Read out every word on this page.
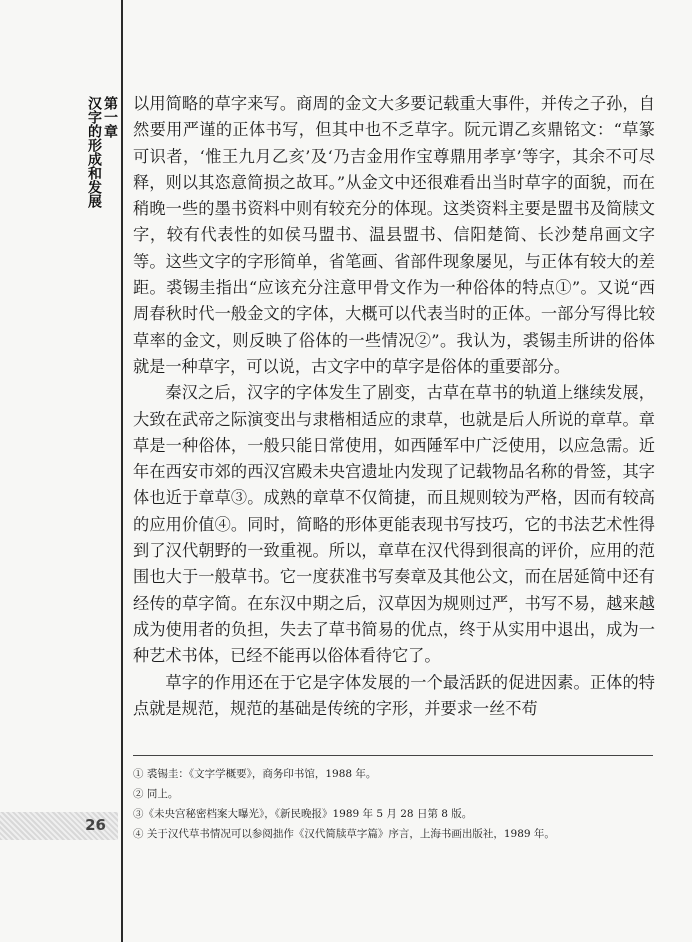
第一章
汉字的形成和发展 以用简略的草字来写。商周的金文大多要记载重大事件，并传之子孙，自然要用严谨的正体书写，但其中也不乏草字。阮元谓乙亥鼎铭文：“草篆可识者，‘惟王九月乙亥’及‘乃吉金用作宝尊鼎用孝享’等字，其余不可尽释，则以其恣意简损之故耳。”从金文中还很难看出当时草字的面貌，而在稍晚一些的墨书资料中则有较充分的体现。这类资料主要是盟书及简牍文字，较有代表性的如侯马盟书、温县盟书、信阳楚简、长沙楚帛画文字等。这些文字的字形简单，省笔画、省部件现象屡见，与正体有较大的差距。裘锡圭指出“应该充分注意甲骨文作为一种俗体的特点①”。又说“西周春秋时代一般金文的字体，大概可以代表当时的正体。一部分写得比较草率的金文，则反映了俗体的一些情况②”。我认为，裘锡圭所讲的俗体就是一种草字，可以说，古文字中的草字是俗体的重要部分。

秦汉之后，汉字的字体发生了剧变，古草在草书的轨道上继续发展，大致在武帝之际演变出与隶楷相适应的隶草，也就是后人所说的章草。章草是一种俗体，一般只能日常使用，如西陲军中广泛使用，以应急需。近年在西安市郊的西汉宫殿未央宫遗址内发现了记载物品名称的骨签，其字体也近于章草③。成熟的章草不仅简捷，而且规则较为严格，因而有较高的应用价值④。同时，简略的形体更能表现书写技巧，它的书法艺术性得到了汉代朝野的一致重视。所以，章草在汉代得到很高的评价，应用的范围也大于一般草书。它一度获准书写奏章及其他公文，而在居延简中还有经传的草字简。在东汉中期之后，汉草因为规则过严，书写不易，越来越成为使用者的负担，失去了草书简易的优点，终于从实用中退出，成为一种艺术书体，已经不能再以俗体看待它了。

草字的作用还在于它是字体发展的一个最活跃的促进因素。正体的特点就是规范，规范的基础是传统的字形，并要求一丝不苟

① 裘锡圭：《文字学概要》，商务印书馆，1988 年。
② 同上。
③《未央宫秘密档案大曝光》，《新民晚报》1989 年 5 月 28 日第 8 版。
④ 关于汉代草书情况可以参阅拙作《汉代简牍草字篇》序言，上海书画出版社，1989 年。
26
